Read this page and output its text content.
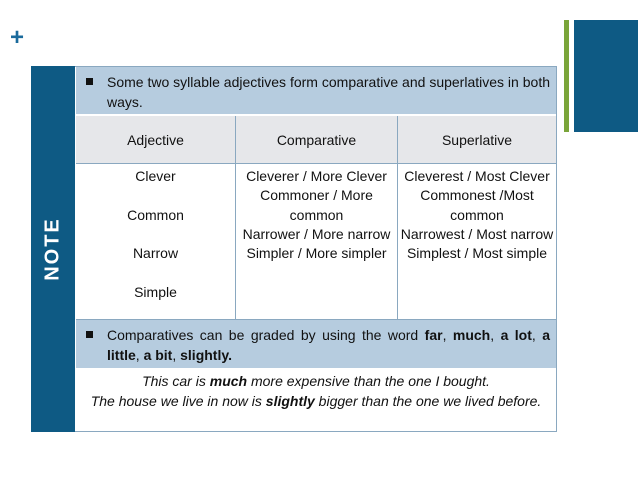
+
NOTE
Some two syllable adjectives form comparative and superlatives in both ways.
Adjective	Comparative	Superlative
Clever
Common
Narrow
Simple
Cleverer / More Clever
Commoner / More common
Narrower / More narrow
Simpler / More simpler
Cleverest / Most Clever
Commonest /Most common
Narrowest / Most narrow
Simplest / Most simple
Comparatives can be graded by using the word far, much, a lot, a little, a bit, slightly.
This car is much more expensive than the one I bought.
The house we live in now is slightly bigger than the one we lived before.
